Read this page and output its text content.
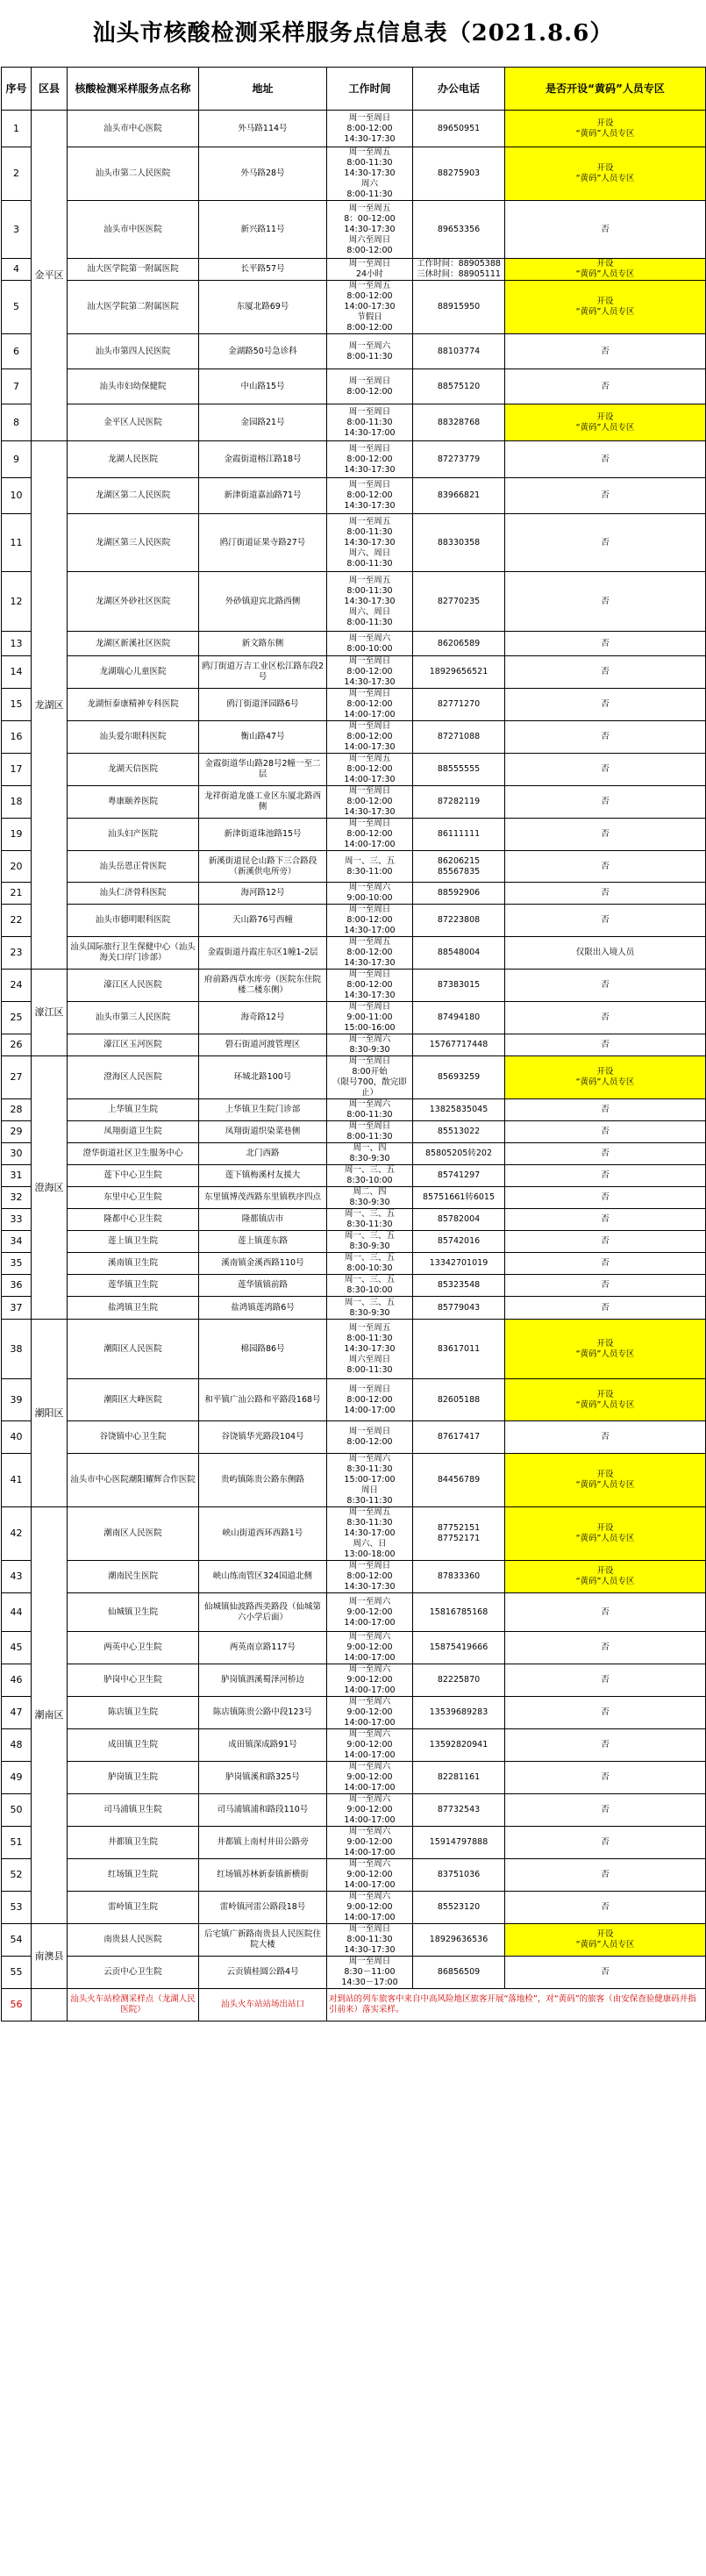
汕头市核酸检测采样服务点信息表（2021.8.6）
序号	区县	核酸检测采样服务点名称	地址	工作时间	办公电话	是否开设“黄码”人员专区
1	金平区	汕头市中心医院	外马路114号	周一至周日
8:00-12:00
14:30-17:30	89650951	开设
“黄码”人员专区
2		汕头市第二人民医院	外马路28号	周一至周五
8:00-11:30
14:30-17:30
周六
8:00-11:30	88275903	开设
“黄码”人员专区
3		汕头市中医医院	新兴路11号	周一至周五
8：00-12:00
14:30-17:30
周六至周日
8:00-12:00	89653356	否
4		汕大医学院第一附属医院	长平路57号	周一至周日
24小时	工作时间：88905388
三休时间：88905111	开设
“黄码”人员专区
5		汕大医学院第二附属医院	东厦北路69号	周一至周五
8:00-12:00
14:00-17:30
节假日
8:00-12:00	88915950	开设
“黄码”人员专区
6		汕头市第四人民医院	金湖路50号急诊科	周一至周六
8:00-11:30	88103774	否
7		汕头市妇幼保健院	中山路15号	周一至周日
8:00-12:00	88575120	否
8		金平区人民医院	金园路21号	周一至周日
8:00-11:30
14:30-17:00	88328768	开设
“黄码”人员专区
9	龙湖区	龙湖人民医院	金霞街道榕江路18号	周一至周日
8:00-12:00
14:30-17:30	87273779	否
10		龙湖区第二人民医院	新津街道嘉汕路71号	周一至周日
8:00-12:00
14:30-17:30	83966821	否
11		龙湖区第三人民医院	鸥汀街道证果寺路27号	周一至周五
8:00-11:30
14:30-17:30
周六、周日
8:00-11:30	88330358	否
12		龙湖区外砂社区医院	外砂镇迎宾北路西侧	周一至周五
8:00-11:30
14:30-17:30
周六、周日
8:00-11:30	82770235	否
13		龙湖区新溪社区医院	新文路东侧	周一至周六
8:00-10:00	86206589	否
14		龙湖瑞心儿童医院	鸥汀街道万吉工业区松江路东段2号	周一至周日
8:00-12:00
14:30-17:30	18929656521	否
15		龙湖恒泰康精神专科医院	鸥汀街道泽园路6号	周一至周日
8:00-12:00
14:00-17:00	82771270	否
16		汕头爱尔眼科医院	衡山路47号	周一至周日
8:00-12:00
14:00-17:30	87271088	否
17		龙湖天信医院	金霞街道华山路28号2幢一至二层	周一至周五
8:00-12:00
14:00-17:30	88555555	否
18		粤康颐养医院	龙祥街道龙盛工业区东厦北路西侧	周一至周日
8:00-12:00
14:30-17:30	87282119	否
19		汕头妇产医院	新津街道珠池路15号	周一至周日
8:00-12:00
14:00-17:00	86111111	否
20		汕头岳恩正骨医院	新溪街道昆仑山路下三合路段（新溪供电所旁）	周一、三、五
8:30-11:00	86206215
85567835	否
21		汕头仁济骨科医院	海河路12号	周一至周六
9:00-10:00	88592906	否
22		汕头市德明眼科医院	天山路76号西幢	周一至周日
8:00-12:00
14:30-17:00	87223808	否
23		汕头国际旅行卫生保健中心（汕头海关口岸门诊部）	金霞街道丹霞庄东区1幢1-2层	周一至周五
8:00-12:00
14:30-17:30	88548004	仅限出入境人员
24	濠江区	濠江区人民医院	府前路西草水库旁（医院东住院楼二楼东侧）	周一至周日
8:00-12:00
14:30-17:30	87383015	否
25		汕头市第三人民医院	海奇路12号	周一至周日
9:00-11:00
15:00-16:00	87494180	否
26		濠江区玉河医院	礐石街道河渡管理区	周一至周六
8:30-9:30	15767717448	否
27	澄海区	澄海区人民医院	环城北路100号	周一至周日
8:00开始
（限号700，散完即止）	85693259	开设
“黄码”人员专区
28		上华镇卫生院	上华镇卫生院门诊部	周一至周六
8:00-11:30	13825835045	否
29		凤翔街道卫生院	凤翔街道织染菜巷侧	周一至周日
8:00-11:30	85513022	否
30		澄华街道社区卫生服务中心	北门西路	周一、四
8:30-9:30	85805205转202	否
31		莲下中心卫生院	莲下镇梅溪村友援大	周一、三、五
8:30-10:00	85741297	否
32		东里中心卫生院	东里镇博茂西路东里镇秩序四点	周二、四
8:30-9:30	85751661转6015	否
33		隆都中心卫生院	隆都镇店市	周一、三、五
8:30-11:30	85782004	否
34		莲上镇卫生院	莲上镇莲东路	周一、三、五
8:30-9:30	85742016	否
35		溪南镇卫生院	溪南镇金溪西路110号	周一、三、五
8:00-10:30	13342701019	否
36		莲华镇卫生院	莲华镇镇前路	周一、三、五
8:30-10:00	85323548	否
37		盐鸿镇卫生院	盐鸿镇莲鸿路6号	周一、三、五
8:30-9:30	85779043	否
38	潮阳区	潮阳区人民医院	棉园路86号	周一至周五
8:00-11:30
14:30-17:30
周六至周日
8:00-11:30	83617011	开设
“黄码”人员专区
39		潮阳区大峰医院	和平镇广汕公路和平路段168号	周一至周日
8:00-12:00
14:00-17:00	82605188	开设
“黄码”人员专区
40		谷饶镇中心卫生院	谷饶镇华光路段104号	周一至周日
8:00-12:00	87617417	否
41		汕头市中心医院潮阳耀辉合作医院	贵屿镇陈贵公路东侧路	周一至周六
8:30-11:30
15:00-17:00
周日
8:30-11:30	84456789	开设
“黄码”人员专区
42	潮南区	潮南区人民医院	峡山街道西环西路1号	周一至周五
8:30-11:30
14:30-17:00
周六、日
13:00-18:00	87752151
87752171	开设
“黄码”人员专区
43		潮南民生医院	峡山练南管区324国道北侧	周一至周日
8:00-12:00
14:30-17:30	87833360	开设
“黄码”人员专区
44		仙城镇卫生院	仙城镇仙波路西美路段（仙城第六小学后面）	周一至周六
9:00-12:00
14:00-17:00	15816785168	否
45		两英中心卫生院	两英南京路117号	周一至周六
9:00-12:00
14:00-17:00	15875419666	否
46		胪岗中心卫生院	胪岗镇泗溪蜀泽河桥边	周一至周六
9:00-12:00
14:00-17:00	82225870	否
47		陈店镇卫生院	陈店镇陈贵公路中段123号	周一至周六
9:00-12:00
14:00-17:00	13539689283	否
48		成田镇卫生院	成田镇深成路91号	周一至周六
9:00-12:00
14:00-17:00	13592820941	否
49		胪岗镇卫生院	胪岗镇溪和路325号	周一至周六
9:00-12:00
14:00-17:00	82281161	否
50		司马浦镇卫生院	司马浦镇浦和路段110号	周一至周六
9:00-12:00
14:00-17:00	87732543	否
51		井都镇卫生院	井都镇上南村井田公路旁	周一至周六
9:00-12:00
14:00-17:00	15914797888	否
52		红场镇卫生院	红场镇苏林新泰镇新横街	周一至周六
9:00-12:00
14:00-17:00	83751036	否
53		雷岭镇卫生院	雷岭镇河雷公路段18号	周一至周六
9:00-12:00
14:00-17:00	85523120	否
54	南澳县	南贵县人民医院	后宅镇广新路南贵县人民医院住院大楼	周一至周日
8:00-11:30
14:30-17:30	18929636536	开设
“黄码”人员专区
55		云贡中心卫生院	云贡镇桂圆公路4号	周一至周日
8:30－11:00
14:30－17:00	86856509	否
56		汕头火车站检测采样点（龙湖人民医院）	汕头火车站站场出站口	对到站的列车旅客中来自中高风险地区旅客开展“落地检”，对“黄码”的旅客（由安保查验健康码并指引前来）落实采样。		
